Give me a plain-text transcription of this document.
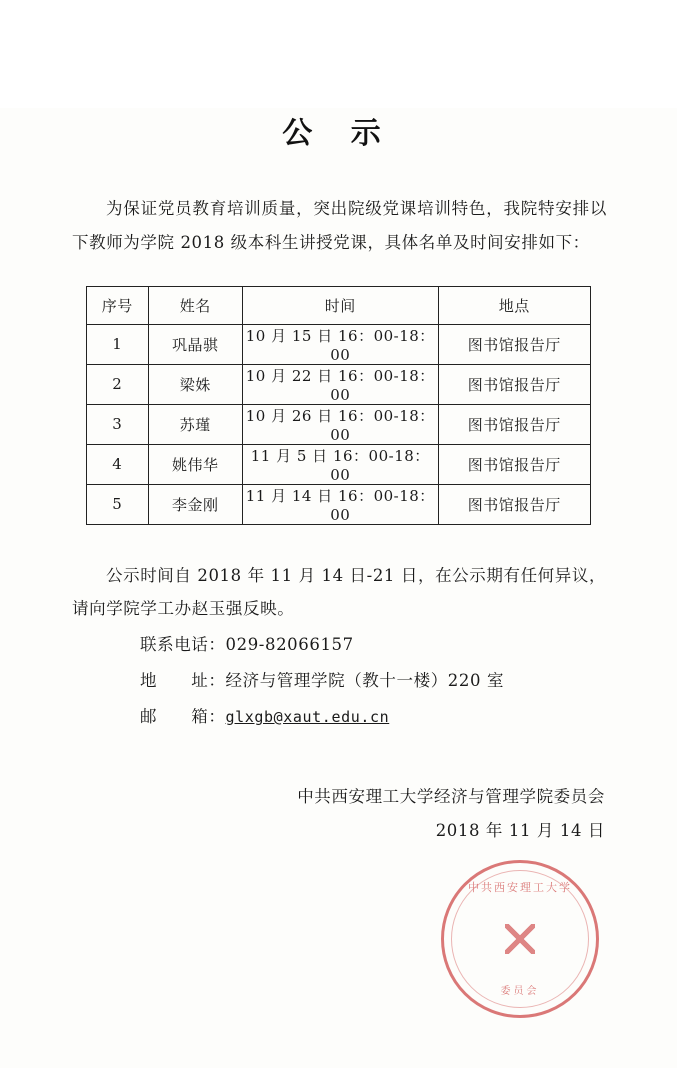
公 示

为保证党员教育培训质量，突出院级党课培训特色，我院特安排以下教师为学院 2018 级本科生讲授党课，具体名单及时间安排如下：

序号	姓名	时间	地点
1	巩晶骐	10 月 15 日 16：00-18：00	图书馆报告厅
2	梁姝	10 月 22 日 16：00-18：00	图书馆报告厅
3	苏瑾	10 月 26 日 16：00-18：00	图书馆报告厅
4	姚伟华	11 月 5 日 16：00-18：00	图书馆报告厅
5	李金刚	11 月 14 日 16：00-18：00	图书馆报告厅

公示时间自 2018 年 11 月 14 日-21 日，在公示期有任何异议，请向学院学工办赵玉强反映。

联系电话：029-82066157
地　　址：经济与管理学院（教十一楼）220 室
邮　　箱：glxgb@xaut.edu.cn
中共西安理工大学经济与管理学院委员会
2018 年 11 月 14 日
中共西安理工大学
委员会
